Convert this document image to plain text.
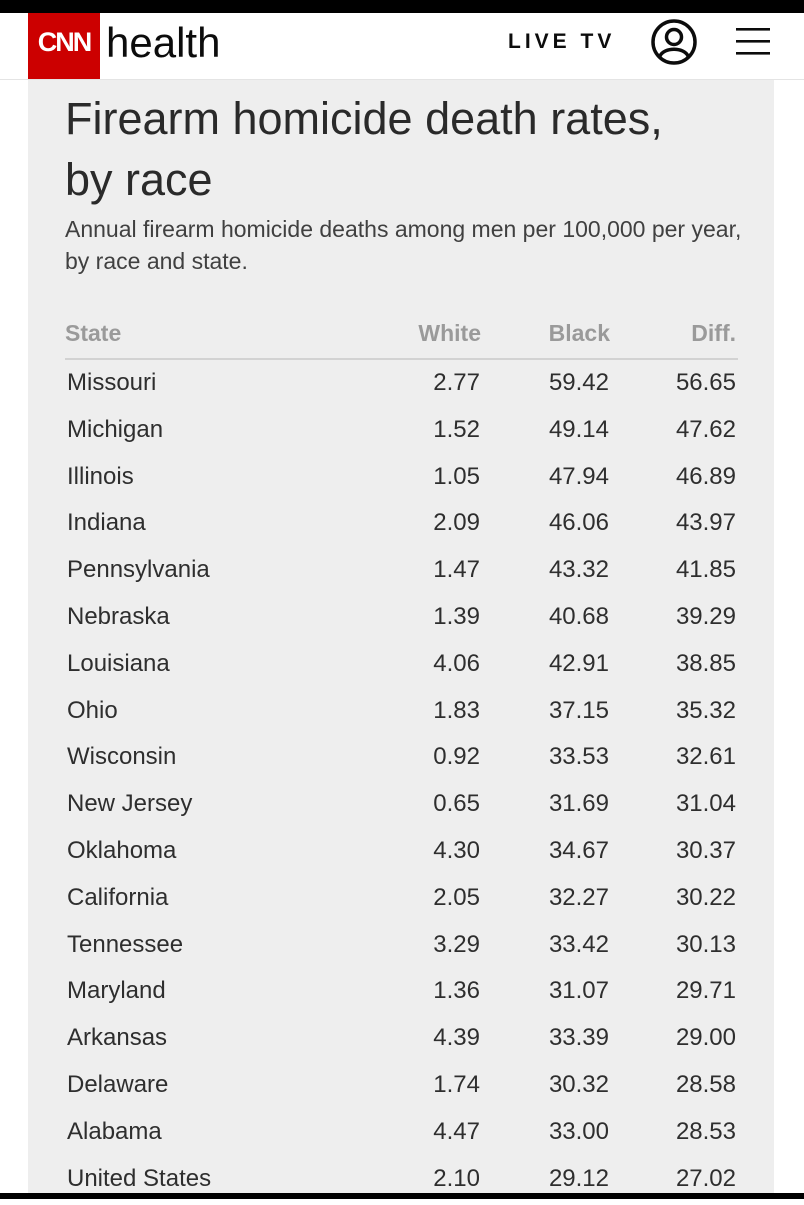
CNN health	LIVE TV
Firearm homicide death rates, by race

Annual firearm homicide deaths among men per 100,000 per year, by race and state.

State	White	Black	Diff.
Missouri	2.77	59.42	56.65
Michigan	1.52	49.14	47.62
Illinois	1.05	47.94	46.89
Indiana	2.09	46.06	43.97
Pennsylvania	1.47	43.32	41.85
Nebraska	1.39	40.68	39.29
Louisiana	4.06	42.91	38.85
Ohio	1.83	37.15	35.32
Wisconsin	0.92	33.53	32.61
New Jersey	0.65	31.69	31.04
Oklahoma	4.30	34.67	30.37
California	2.05	32.27	30.22
Tennessee	3.29	33.42	30.13
Maryland	1.36	31.07	29.71
Arkansas	4.39	33.39	29.00
Delaware	1.74	30.32	28.58
Alabama	4.47	33.00	28.53
United States	2.10	29.12	27.02
